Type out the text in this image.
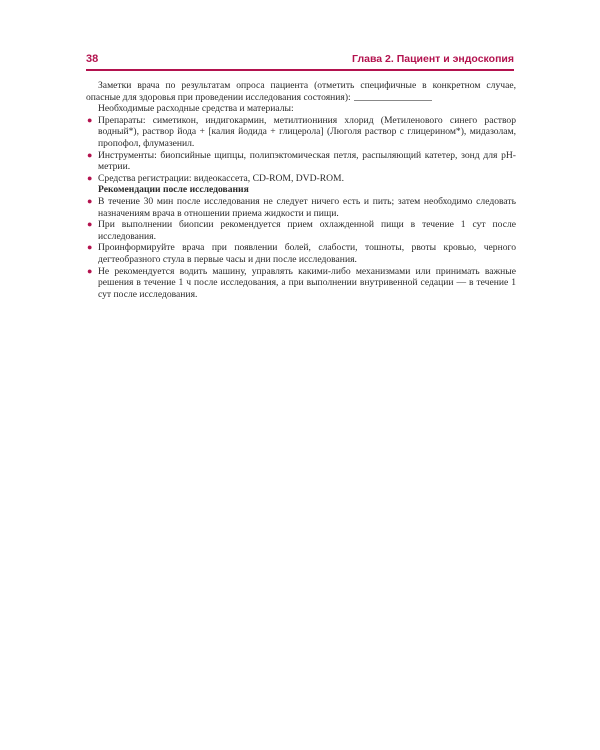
38	Глава 2. Пациент и эндоскопия

Заметки врача по результатам опроса пациента (отметить специфичные в конкретном случае, опасные для здоровья при проведении исследования состояния):

Необходимые расходные средства и материалы:

● Препараты: симетикон, индигокармин, метилтиониния хлорид (Метиленового синего раствор водный*), раствор йода + [калия йодида + глицерола] (Люголя раствор с глицерином*), мидазолам, пропофол, флумазенил.
● Инструменты: биопсийные щипцы, полипэктомическая петля, распыляющий катетер, зонд для pH-метрии.
● Средства регистрации: видеокассета, CD-ROM, DVD-ROM.

Рекомендации после исследования

● В течение 30 мин после исследования не следует ничего есть и пить; затем необходимо следовать назначениям врача в отношении приема жидкости и пищи.
● При выполнении биопсии рекомендуется прием охлажденной пищи в течение 1 сут после исследования.
● Проинформируйте врача при появлении болей, слабости, тошноты, рвоты кровью, черного дегтеобразного стула в первые часы и дни после исследования.
● Не рекомендуется водить машину, управлять какими-либо механизмами или принимать важные решения в течение 1 ч после исследования, а при выполнении внутривенной седации — в течение 1 сут после исследования.
